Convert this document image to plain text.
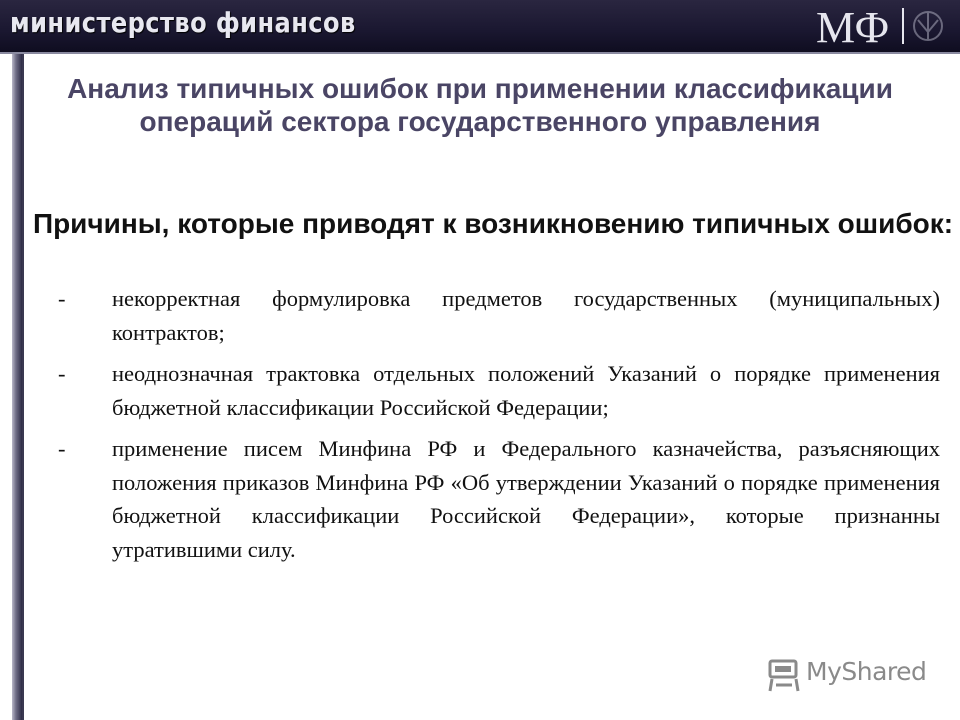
министерство финансов	МФ
Анализ типичных ошибок при применении классификации операций сектора государственного управления
Причины, которые приводят к возникновению типичных ошибок:
-	некорректная формулировка предметов государственных (муниципальных) контрактов;
-	неоднозначная трактовка отдельных положений Указаний о порядке применения бюджетной классификации Российской Федерации;
-	применение писем Минфина РФ и Федерального казначейства, разъясняющих положения приказов Минфина РФ «Об утверждении Указаний о порядке применения бюджетной классификации Российской Федерации», которые признанны утратившими силу.
MyShared
